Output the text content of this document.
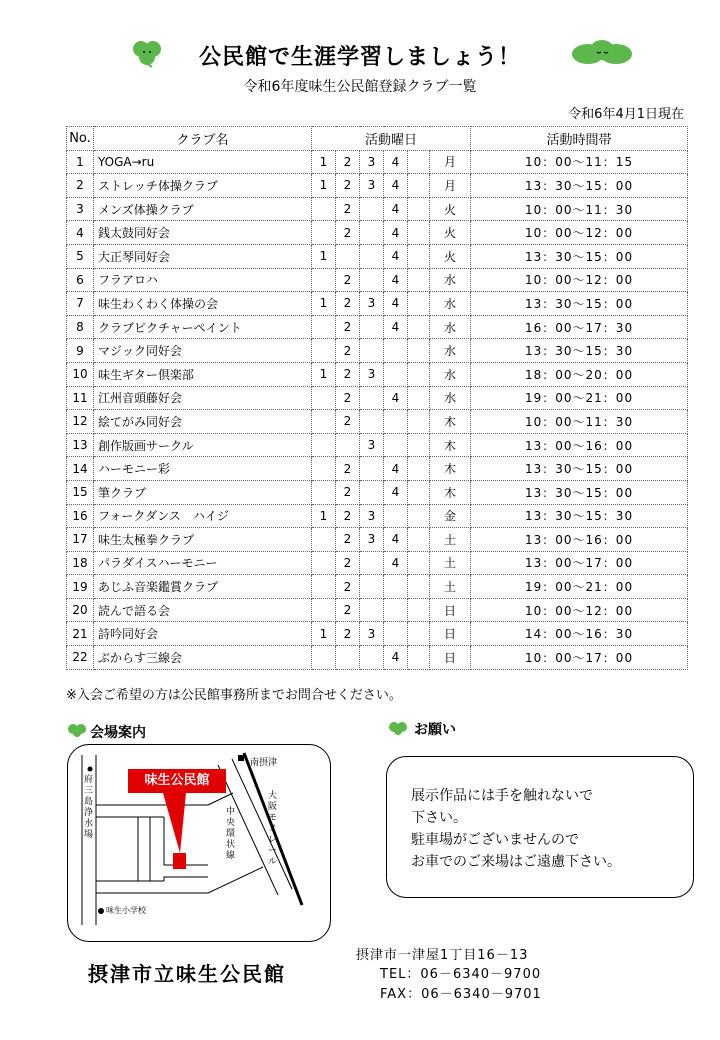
公民館で生涯学習しましょう！
令和6年度味生公民館登録クラブ一覧
令和6年4月1日現在
No.	クラブ名	活動曜日						活動時間帯
1	YOGA→ru	1	2	3	4		月	10：00～11：15
2	ストレッチ体操クラブ	1	2	3	4		月	13：30～15：00
3	メンズ体操クラブ		2		4		火	10：00～11：30
4	銭太鼓同好会		2		4		火	10：00～12：00
5	大正琴同好会	1			4		火	13：30～15：00
6	フラアロハ		2		4		水	10：00～12：00
7	味生わくわく体操の会	1	2	3	4		水	13：30～15：00
8	クラブピクチャーペイント		2		4		水	16：00～17：30
9	マジック同好会		2				水	13：30～15：30
10	味生ギター倶楽部	1	2	3			水	18：00～20：00
11	江州音頭藤好会		2		4		水	19：00～21：00
12	絵てがみ同好会		2				木	10：00～11：30
13	創作版画サークル			3			木	13：00～16：00
14	ハーモニー彩		2		4		木	13：30～15：00
15	筆クラブ		2		4		木	13：30～15：00
16	フォークダンス　ハイジ	1	2	3			金	13：30～15：30
17	味生太極拳クラブ		2	3	4		土	13：00～16：00
18	パラダイスハーモニー		2		4		土	13：00～17：00
19	あじふ音楽鑑賞クラブ		2				土	19：00～21：00
20	読んで語る会		2				日	10：00～12：00
21	詩吟同好会	1	2	3			日	14：00～16：30
22	ぶからす三線会				4		日	10：00～17：00
※入会ご希望の方は公民館事務所までお問合せください。
会場案内	お願い
味生公民館
南摂津
府三島浄水場
味生小学校
中央環状線
大阪モノレール
展示作品には手を触れないで
下さい。
駐車場がございませんので
お車でのご来場はご遠慮下さい。
摂津市立味生公民館
摂津市一津屋1丁目16－13
TEL：06－6340－9700
FAX：06－6340－9701
